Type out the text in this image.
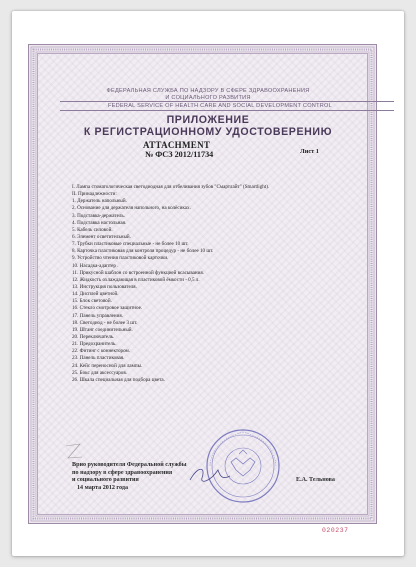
ФЕДЕРАЛЬНАЯ СЛУЖБА ПО НАДЗОРУ В СФЕРЕ ЗДРАВООХРАНЕНИЯ
И СОЦИАЛЬНОГО РАЗВИТИЯ
FEDERAL SERVICE OF HEALTH CARE AND SOCIAL DEVELOPMENT CONTROL
ПРИЛОЖЕНИЕ
К РЕГИСТРАЦИОННОМУ УДОСТОВЕРЕНИЮ
ATTACHMENT
№ ФСЗ 2012/11734	Лист 1
I. Лампа стоматологическая светодиодная для отбеливания зубов "Смартлайт" (Smartlight).
II. Принадлежности:
1. Держатель напольный.
2. Основание для держателя напольного, на колёсиках.
3. Подставка-держатель.
4. Подставка настольная.
5. Кабель силовой.
6. Элемент осветительный.
7. Трубки пластиковые специальные - не более 10 шт.
8. Карточка пластиковая для контроля процедур - не более 10 шт.
9. Устройство чтения пластиковой карточки.
10. Насадка-адаптер .
11. Прикусной шаблон со встроенной функцией всасывания.
12. Жидкость охлаждающая в пластиковой ёмкости - 0,5 л.
13. Инструкция пользователя.
14. Дисплей цветной.
15. Блок световой.
16. Стекло смотровое защитное.
17. Панель управления.
18. Светодиод - не более 3 шт.
19. Штанг соединительный.
20. Переключатель.
21. Предохранитель.
22. Фитинг с коннектором.
23. Панель пластиковая.
24. Кейс переносной для лампы.
25. Бокс для аксессуаров.
26. Шкала специальная для подбора цвета.
Врио руководителя Федеральной службы
по надзору в сфере здравоохранения
и социального развития
14 марта 2012 года
Е.А. Тельнова
020237
